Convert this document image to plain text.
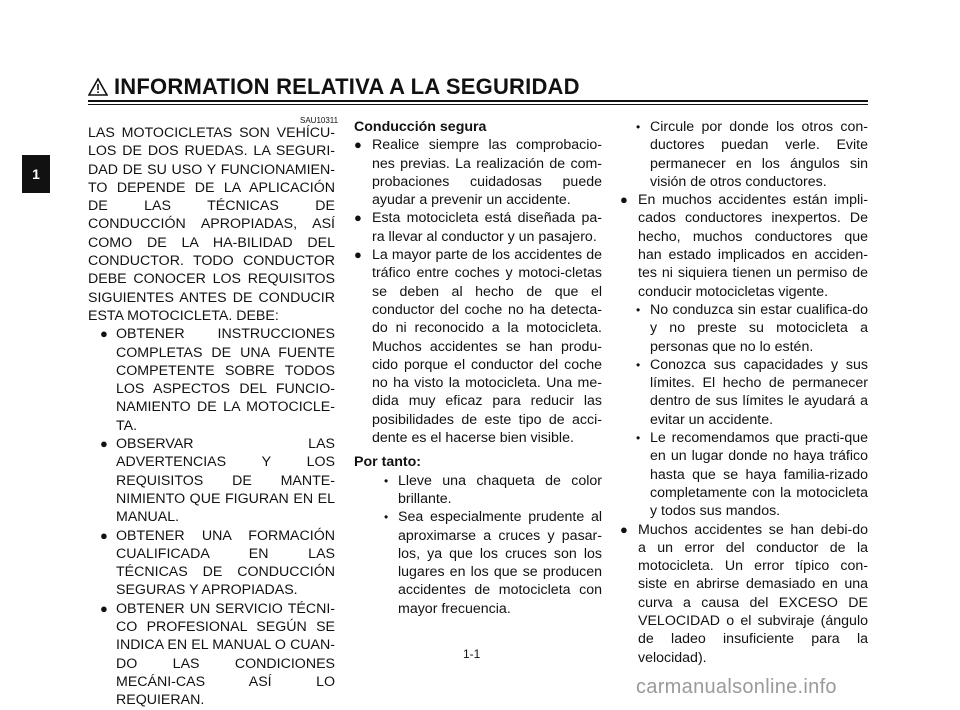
INFORMATION RELATIVA A LA SEGURIDAD
1
SAU10311

LAS MOTOCICLETAS SON VEHÍCU-LOS DE DOS RUEDAS. LA SEGURI-DAD DE SU USO Y FUNCIONAMIEN-TO DEPENDE DE LA APLICACIÓN DE LAS TÉCNICAS DE CONDUCCIÓN APROPIADAS, ASÍ COMO DE LA HA-BILIDAD DEL CONDUCTOR. TODO CONDUCTOR DEBE CONOCER LOS REQUISITOS SIGUIENTES ANTES DE CONDUCIR ESTA MOTOCICLETA. DEBE:

● OBTENER INSTRUCCIONES COMPLETAS DE UNA FUENTE COMPETENTE SOBRE TODOS LOS ASPECTOS DEL FUNCIO-NAMIENTO DE LA MOTOCICLE-TA.
● OBSERVAR LAS ADVERTENCIAS Y LOS REQUISITOS DE MANTE-NIMIENTO QUE FIGURAN EN EL MANUAL.
● OBTENER UNA FORMACIÓN CUALIFICADA EN LAS TÉCNICAS DE CONDUCCIÓN SEGURAS Y APROPIADAS.
● OBTENER UN SERVICIO TÉCNI-CO PROFESIONAL SEGÚN SE INDICA EN EL MANUAL O CUAN-DO LAS CONDICIONES MECÁNI-CAS ASÍ LO REQUIERAN.

Conducción segura

● Realice siempre las comprobacio-nes previas. La realización de com-probaciones cuidadosas puede ayudar a prevenir un accidente.
● Esta motocicleta está diseñada pa-ra llevar al conductor y un pasajero.
● La mayor parte de los accidentes de tráfico entre coches y motoci-cletas se deben al hecho de que el conductor del coche no ha detecta-do ni reconocido a la motocicleta. Muchos accidentes se han produ-cido porque el conductor del coche no ha visto la motocicleta. Una me-dida muy eficaz para reducir las posibilidades de este tipo de acci-dente es el hacerse bien visible.

Por tanto:

• Lleve una chaqueta de color brillante.
• Sea especialmente prudente al aproximarse a cruces y pasar-los, ya que los cruces son los lugares en los que se producen accidentes de motocicleta con mayor frecuencia.
• Circule por donde los otros con-ductores puedan verle. Evite permanecer en los ángulos sin visión de otros conductores.
● En muchos accidentes están impli-cados conductores inexpertos. De hecho, muchos conductores que han estado implicados en acciden-tes ni siquiera tienen un permiso de conducir motocicletas vigente.
• No conduzca sin estar cualifica-do y no preste su motocicleta a personas que no lo estén.
• Conozca sus capacidades y sus límites. El hecho de permanecer dentro de sus límites le ayudará a evitar un accidente.
• Le recomendamos que practi-que en un lugar donde no haya tráfico hasta que se haya familia-rizado completamente con la motocicleta y todos sus mandos.
● Muchos accidentes se han debi-do a un error del conductor de la motocicleta. Un error típico con-siste en abrirse demasiado en una curva a causa del EXCESO DE VELOCIDAD o el subviraje (ángulo de ladeo insuficiente para la velocidad).
1-1
carmanualsonline.info
